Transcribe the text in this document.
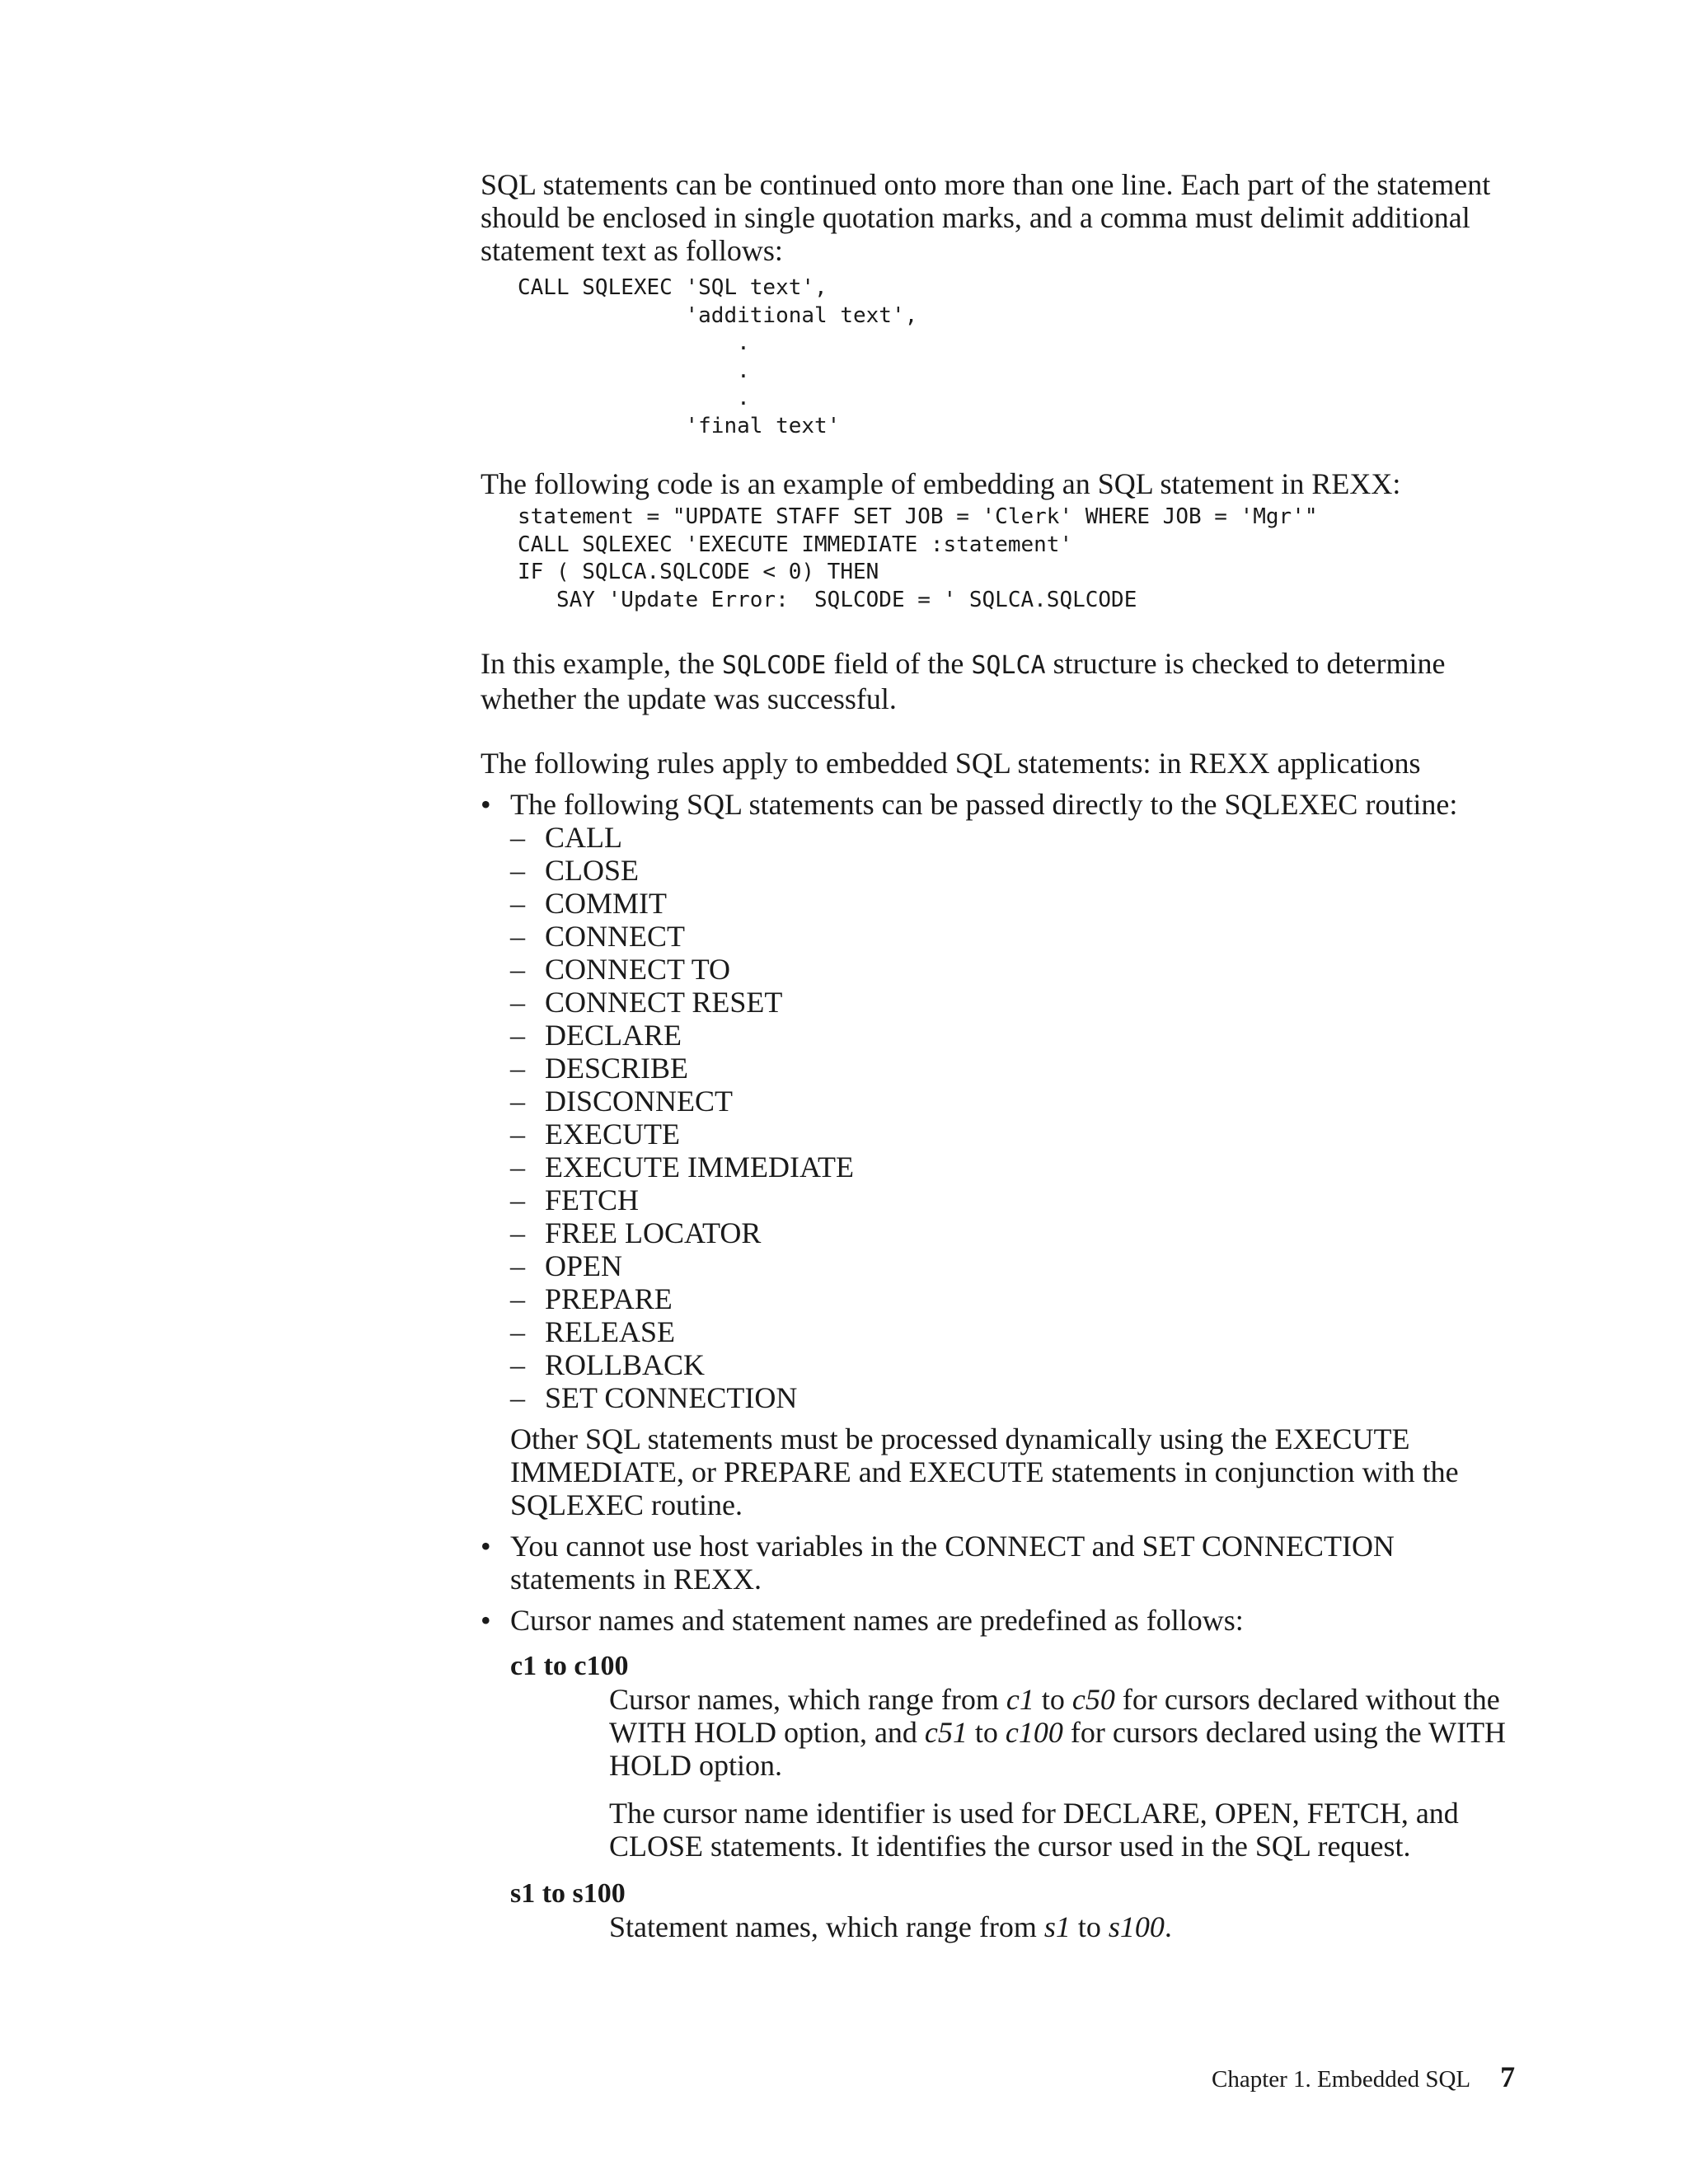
SQL statements can be continued onto more than one line. Each part of the statement should be enclosed in single quotation marks, and a comma must delimit additional statement text as follows:

CALL SQLEXEC 'SQL text',
'additional text',
.
.
.
'final text'

The following code is an example of embedding an SQL statement in REXX:

statement = "UPDATE STAFF SET JOB = 'Clerk' WHERE JOB = 'Mgr'"
CALL SQLEXEC 'EXECUTE IMMEDIATE :statement'
IF ( SQLCA.SQLCODE < 0) THEN
SAY 'Update Error:  SQLCODE = ' SQLCA.SQLCODE

In this example, the SQLCODE field of the SQLCA structure is checked to determine whether the update was successful.

The following rules apply to embedded SQL statements: in REXX applications

• The following SQL statements can be passed directly to the SQLEXEC routine:
– CALL
– CLOSE
– COMMIT
– CONNECT
– CONNECT TO
– CONNECT RESET
– DECLARE
– DESCRIBE
– DISCONNECT
– EXECUTE
– EXECUTE IMMEDIATE
– FETCH
– FREE LOCATOR
– OPEN
– PREPARE
– RELEASE
– ROLLBACK
– SET CONNECTION

Other SQL statements must be processed dynamically using the EXECUTE IMMEDIATE, or PREPARE and EXECUTE statements in conjunction with the SQLEXEC routine.

• You cannot use host variables in the CONNECT and SET CONNECTION statements in REXX.
• Cursor names and statement names are predefined as follows:

c1 to c100

Cursor names, which range from c1 to c50 for cursors declared without the WITH HOLD option, and c51 to c100 for cursors declared using the WITH HOLD option.

The cursor name identifier is used for DECLARE, OPEN, FETCH, and CLOSE statements. It identifies the cursor used in the SQL request.

s1 to s100

Statement names, which range from s1 to s100.

Chapter 1. Embedded SQL 7
